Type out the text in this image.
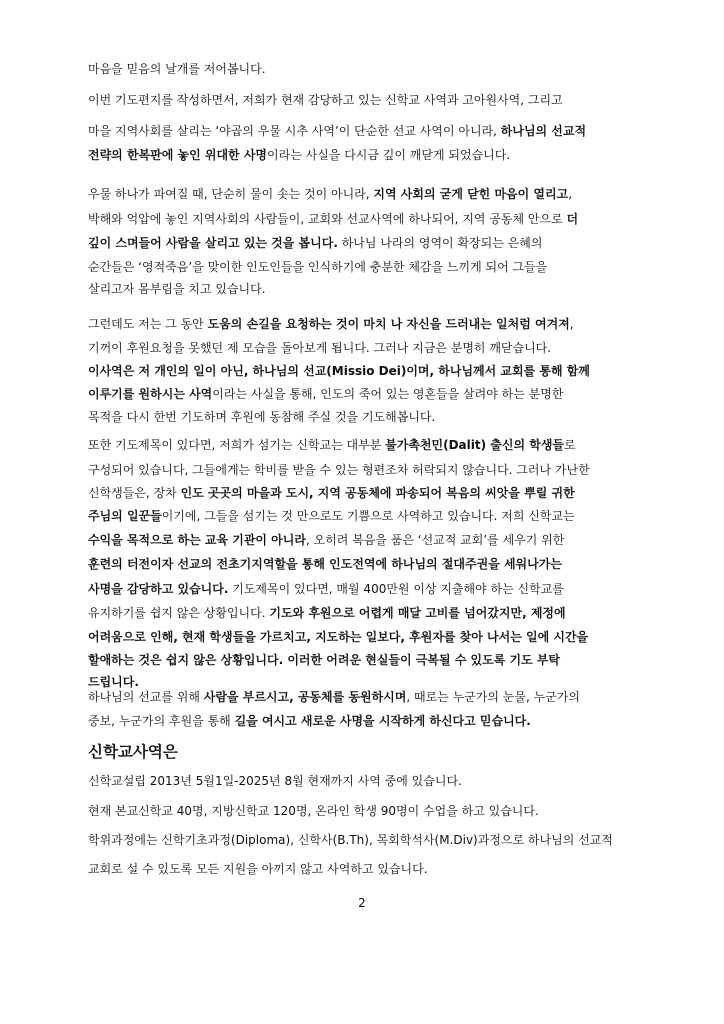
마음을 믿음의 날개를 저어봅니다.
이번 기도편지를 작성하면서, 저희가 현재 감당하고 있는 신학교 사역과 고아원사역, 그리고
마을 지역사회를 살리는 ‘야곱의 우물 시추 사역’이 단순한 선교 사역이 아니라, 하나님의 선교적
전략의 한복판에 놓인 위대한 사명이라는 사실을 다시금 깊이 깨닫게 되었습니다.
우물 하나가 파여질 때, 단순히 물이 솟는 것이 아니라, 지역 사회의 굳게 닫힌 마음이 열리고,
박해와 억압에 놓인 지역사회의 사람들이, 교회와 선교사역에 하나되어, 지역 공동체 안으로 더
깊이 스며들어 사람을 살리고 있는 것을 봅니다. 하나님 나라의 영역이 확장되는 은혜의
순간들은 ‘영적죽음’을 맞이한 인도인들을 인식하기에 충분한 체감을 느끼게 되어 그들을
살리고자 몸부림을 치고 있습니다.
그런데도 저는 그 동안 도움의 손길을 요청하는 것이 마치 나 자신을 드러내는 일처럼 여겨져,
기꺼이 후원요청을 못했던 제 모습을 돌아보게 됩니다. 그러나 지금은 분명히 깨닫습니다.
이사역은 저 개인의 일이 아닌, 하나님의 선교(Missio Dei)이며, 하나님께서 교회를 통해 함께
이루기를 원하시는 사역이라는 사실을 통해, 인도의 죽어 있는 영혼들을 살려야 하는 분명한
목적을 다시 한번 기도하며 후원에 동참해 주실 것을 기도해봅니다.
또한 기도제목이 있다면, 저희가 섬기는 신학교는 대부분 불가촉천민(Dalit) 출신의 학생들로
구성되어 있습니다, 그들에게는 학비를 받을 수 있는 형편조차 허락되지 않습니다. 그러나 가난한
신학생들은, 장차 인도 곳곳의 마을과 도시, 지역 공동체에 파송되어 복음의 씨앗을 뿌릴 귀한
주님의 일꾼들이기에, 그들을 섬기는 것 만으로도 기쁨으로 사역하고 있습니다. 저희 신학교는
수익을 목적으로 하는 교육 기관이 아니라, 오히려 복음을 품은 ‘선교적 교회’를 세우기 위한
훈련의 터전이자 선교의 전초기지역할을 통해 인도전역에 하나님의 절대주권을 세워나가는
사명을 감당하고 있습니다. 기도제목이 있다면, 매월 400만원 이상 지출해야 하는 신학교를
유지하기를 쉽지 않은 상황입니다. 기도와 후원으로 어렵게 매달 고비를 넘어갔지만, 제정에
어려움으로 인해, 현재 학생들을 가르치고, 지도하는 일보다, 후원자를 찾아 나서는 일에 시간을
할애하는 것은 쉽지 않은 상황입니다. 이러한 어려운 현실들이 극복될 수 있도록 기도 부탁
드립니다.
하나님의 선교를 위해 사람을 부르시고, 공동체를 동원하시며, 때로는 누군가의 눈물, 누군가의
중보, 누군가의 후원을 통해 길을 여시고 새로운 사명을 시작하게 하신다고 믿습니다.
신학교사역은
신학교설립 2013년 5월1일-2025년 8월 현재까지 사역 중에 있습니다.
현재 본교신학교 40명, 지방신학교 120명, 온라인 학생 90명이 수업을 하고 있습니다.
학위과정에는 신학기초과정(Diploma), 신학사(B.Th), 목회학석사(M.Div)과정으로 하나님의 선교적
교회로 설 수 있도록 모든 지원을 아끼지 않고 사역하고 있습니다.
2
